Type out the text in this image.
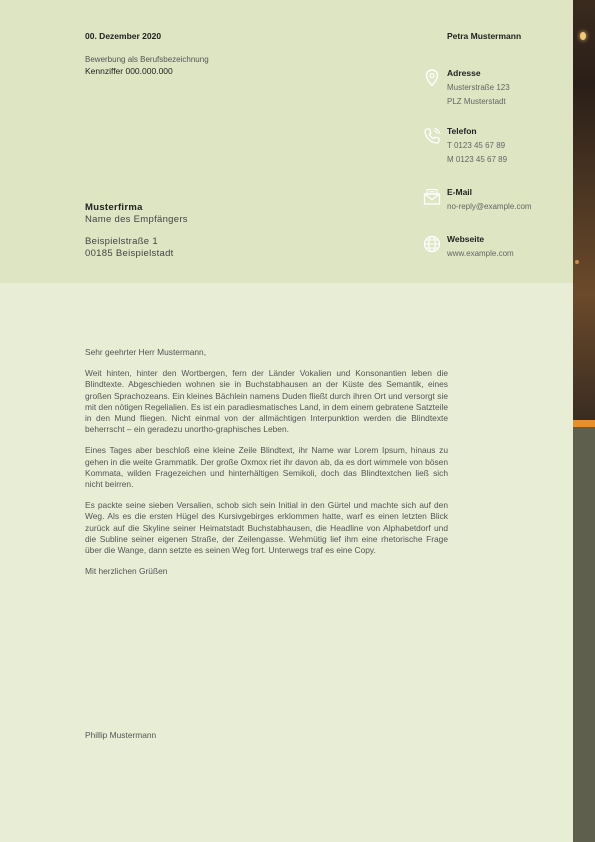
00. Dezember 2020
Bewerbung als Berufsbezeichnung
Kennziffer 000.000.000
Musterfirma
Name des Empfängers
Beispielstraße 1
00185 Beispielstadt
Petra Mustermann
Adresse
Musterstraße 123
PLZ Musterstadt
Telefon
T 0123 45 67 89
M 0123 45 67 89
E-Mail
no-reply@example.com
Webseite
www.example.com
Sehr geehrter Herr Mustermann,

Weit hinten, hinter den Wortbergen, fern der Länder Vokalien und Konsonantien leben die Blindtexte. Abgeschieden wohnen sie in Buchstabhausen an der Küste des Semantik, eines großen Sprachozeans. Ein kleines Bächlein namens Duden fließt durch ihren Ort und versorgt sie mit den nötigen Regelialien. Es ist ein paradiesmatisches Land, in dem einem gebratene Satzteile in den Mund fliegen. Nicht einmal von der allmächtigen Interpunktion werden die Blindtexte beherrscht – ein geradezu unortho-graphisches Leben.

Eines Tages aber beschloß eine kleine Zeile Blindtext, ihr Name war Lorem Ipsum, hinaus zu gehen in die weite Grammatik. Der große Oxmox riet ihr davon ab, da es dort wimmele von bösen Kommata, wilden Fragezeichen und hinterhältigen Semikoli, doch das Blindtextchen ließ sich nicht beirren.

Es packte seine sieben Versalien, schob sich sein Initial in den Gürtel und machte sich auf den Weg. Als es die ersten Hügel des Kursivgebirges erklommen hatte, warf es einen letzten Blick zurück auf die Skyline seiner Heimatstadt Buchstabhausen, die Headline von Alphabetdorf und die Subline seiner eigenen Straße, der Zeilengasse. Wehmütig lief ihm eine rhetorische Frage über die Wange, dann setzte es seinen Weg fort. Unterwegs traf es eine Copy.

Mit herzlichen Grüßen
Phillip Mustermann
